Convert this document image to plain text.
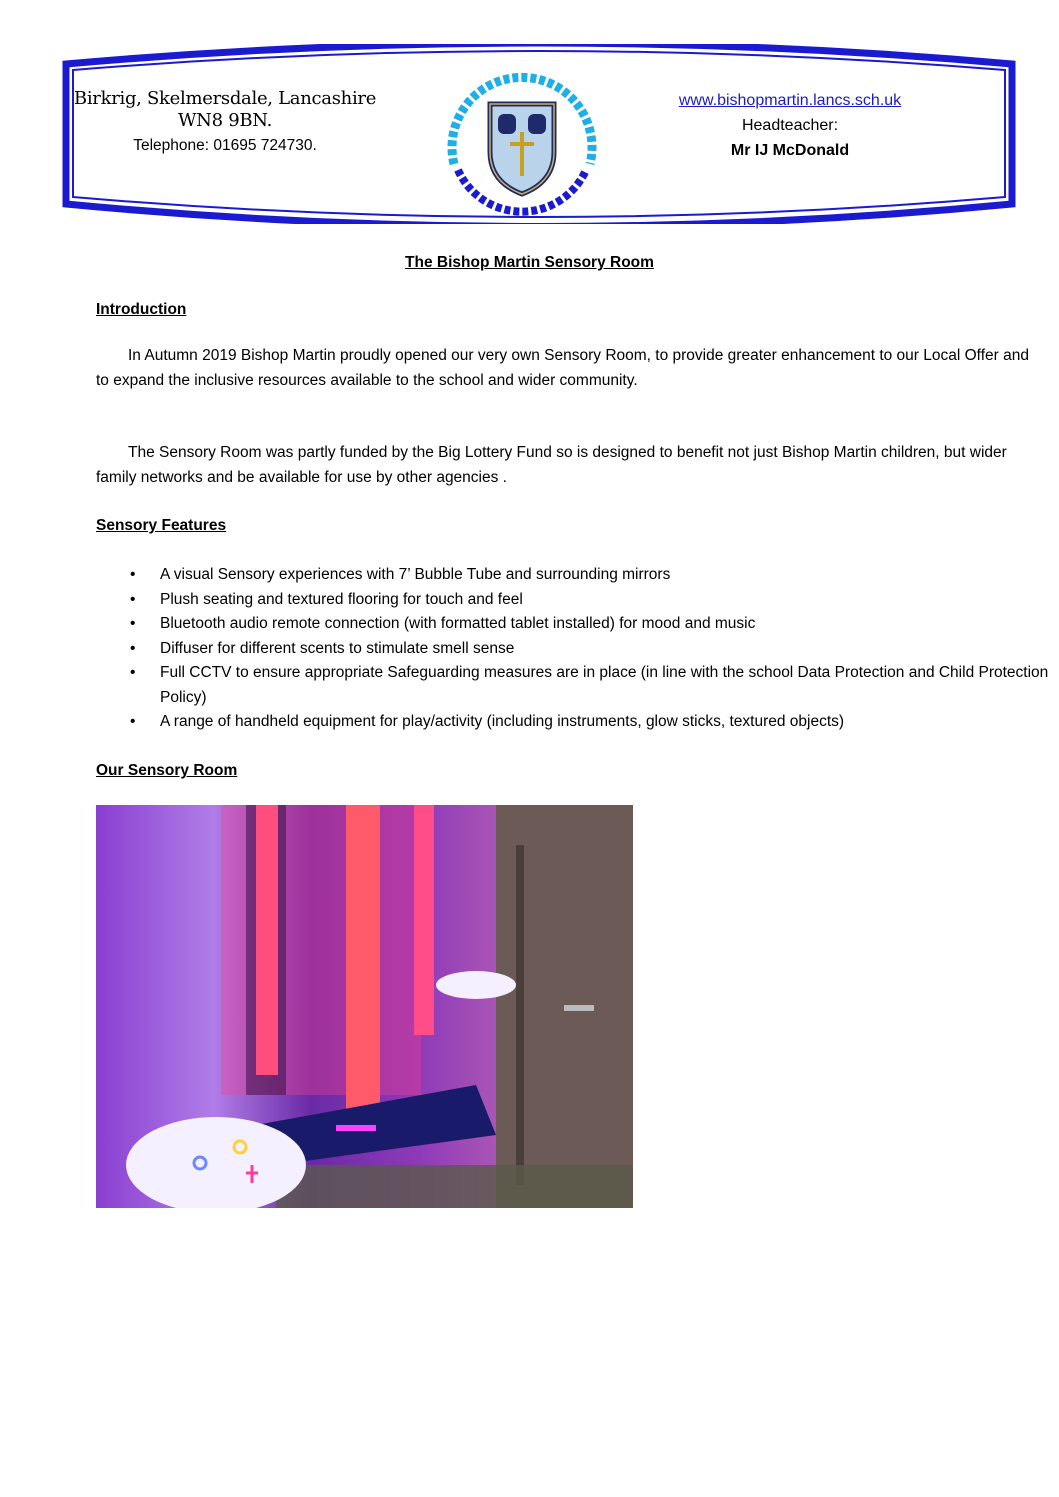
Birkrig, Skelmersdale, Lancashire
WN8 9BN.
Telephone: 01695 724730.
www.bishopmartin.lancs.sch.uk
Headteacher:
Mr IJ McDonald
The Bishop Martin Sensory Room
Introduction
In Autumn 2019 Bishop Martin proudly opened our very own Sensory Room, to provide greater enhancement to our Local Offer and to expand the inclusive resources available to the school and wider community.
The Sensory Room was partly funded by the Big Lottery Fund so is designed to benefit not just Bishop Martin children, but wider family networks and be available for use by other agencies .
Sensory Features
• A visual Sensory experiences with 7’ Bubble Tube and surrounding mirrors
• Plush seating and textured flooring for touch and feel
• Bluetooth audio remote connection (with formatted tablet installed) for mood and music
• Diffuser for different scents to stimulate smell sense
• Full CCTV to ensure appropriate Safeguarding measures are in place (in line with the school Data Protection and Child Protection Policy)
• A range of handheld equipment for play/activity (including instruments, glow sticks, textured objects)
Our Sensory Room
